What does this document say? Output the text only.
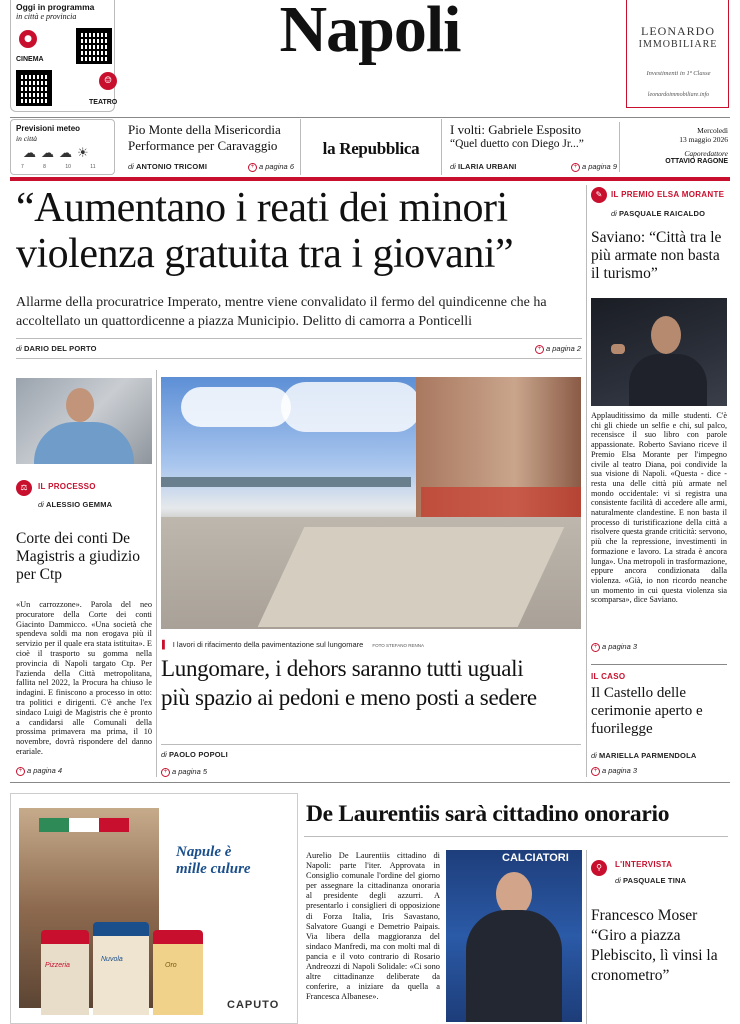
Oggi in programma
in città e provincia
●
CINEMA
☺
TEATRO
Napoli	LEONARDO
IMMOBILIARE
Investimenti in 1ª Classe
leonardoimmobiliare.info
Previsioni meteo
in città
☁☁☁☀
7	8	10	11
Pio Monte della Misericordia
Performance per Caravaggio
di ANTONIO TRICOMI	+ a pagina 6
la Repubblica
I volti: Gabriele Esposito
“Quel duetto con Diego Jr...”
di ILARIA URBANI	+ a pagina 9
Mercoledì
13 maggio 2026
Caporedattore
OTTAVIO RAGONE
“Aumentano i reati dei minori
violenza gratuita tra i giovani”
Allarme della procuratrice Imperato, mentre viene convalidato il fermo del quindicenne che ha accoltellato un quattordicenne a piazza Municipio. Delitto di camorra a Ponticelli
di DARIO DEL PORTO	+ a pagina 2
✎	IL PREMIO ELSA MORANTE
di PASQUALE RAICALDO
Saviano: “Città tra le più armate non basta il turismo”
Applauditissimo da mille studenti. C'è chi gli chiede un selfie e chi, sul palco, recensisce il suo libro con parole appassionate. Roberto Saviano riceve il Premio Elsa Morante per l'impegno civile al teatro Diana, poi condivide la sua visione di Napoli. «Questa - dice - resta una delle città più armate nel mondo occidentale: vi si registra una consistente facilità di accedere alle armi, naturalmente clandestine. E non basta il processo di turistificazione della città a risolvere questa grande criticità: servono, più che la repressione, investimenti in formazione e lavoro. La strada è ancora lunga». Una metropoli in trasformazione, eppure ancora condizionata dalla violenza. «Già, io non ricordo neanche un momento in cui questa violenza sia scomparsa», dice Saviano.
+ a pagina 3
IL CASO
Il Castello delle cerimonie aperto e fuorilegge
di MARIELLA PARMENDOLA
+ a pagina 3
⚖	IL PROCESSO
di ALESSIO GEMMA
Corte dei conti De Magistris a giudizio per Ctp
«Un carrozzone». Parola del neo procuratore della Corte dei conti Giacinto Dammicco. «Una società che spendeva soldi ma non erogava più il servizio per il quale era stata istituita». E cioè il trasporto su gomma nella provincia di Napoli targato Ctp. Per l'azienda della Città metropolitana, fallita nel 2022, la Procura ha chiuso le indagini. E finiscono a processo in otto: tra politici e dirigenti. C'è anche l'ex sindaco Luigi de Magistris che è pronto a candidarsi alle Comunali della prossima primavera ma prima, il 10 novembre, dovrà rispondere del danno erariale.
+ a pagina 4
▌ I lavori di rifacimento della pavimentazione sul lungomare FOTO STEFANO RENNA
Lungomare, i dehors saranno tutti uguali
più spazio ai pedoni e meno posti a sedere
di PAOLO POPOLI
+ a pagina 5
Napule è
mille culure
Pizzeria
Nuvola
Oro
CAPUTO
De Laurentiis sarà cittadino onorario
Aurelio De Laurentiis cittadino di Napoli: parte l'iter. Approvata in Consiglio comunale l'ordine del giorno per assegnare la cittadinanza onoraria al presidente degli azzurri. A presentarlo i consiglieri di opposizione di Forza Italia, Iris Savastano, Salvatore Guangi e Demetrio Paipais. Via libera della maggioranza del sindaco Manfredi, ma con molti mal di pancia e il voto contrario di Rosario Andreozzi di Napoli Solidale: «Ci sono altre cittadinanze deliberate da conferire, a iniziare da quella a Francesca Albanese».
CALCIATORI
⚲	L'INTERVISTA
di PASQUALE TINA
Francesco Moser “Giro a piazza Plebiscito, lì vinsi la cronometro”
